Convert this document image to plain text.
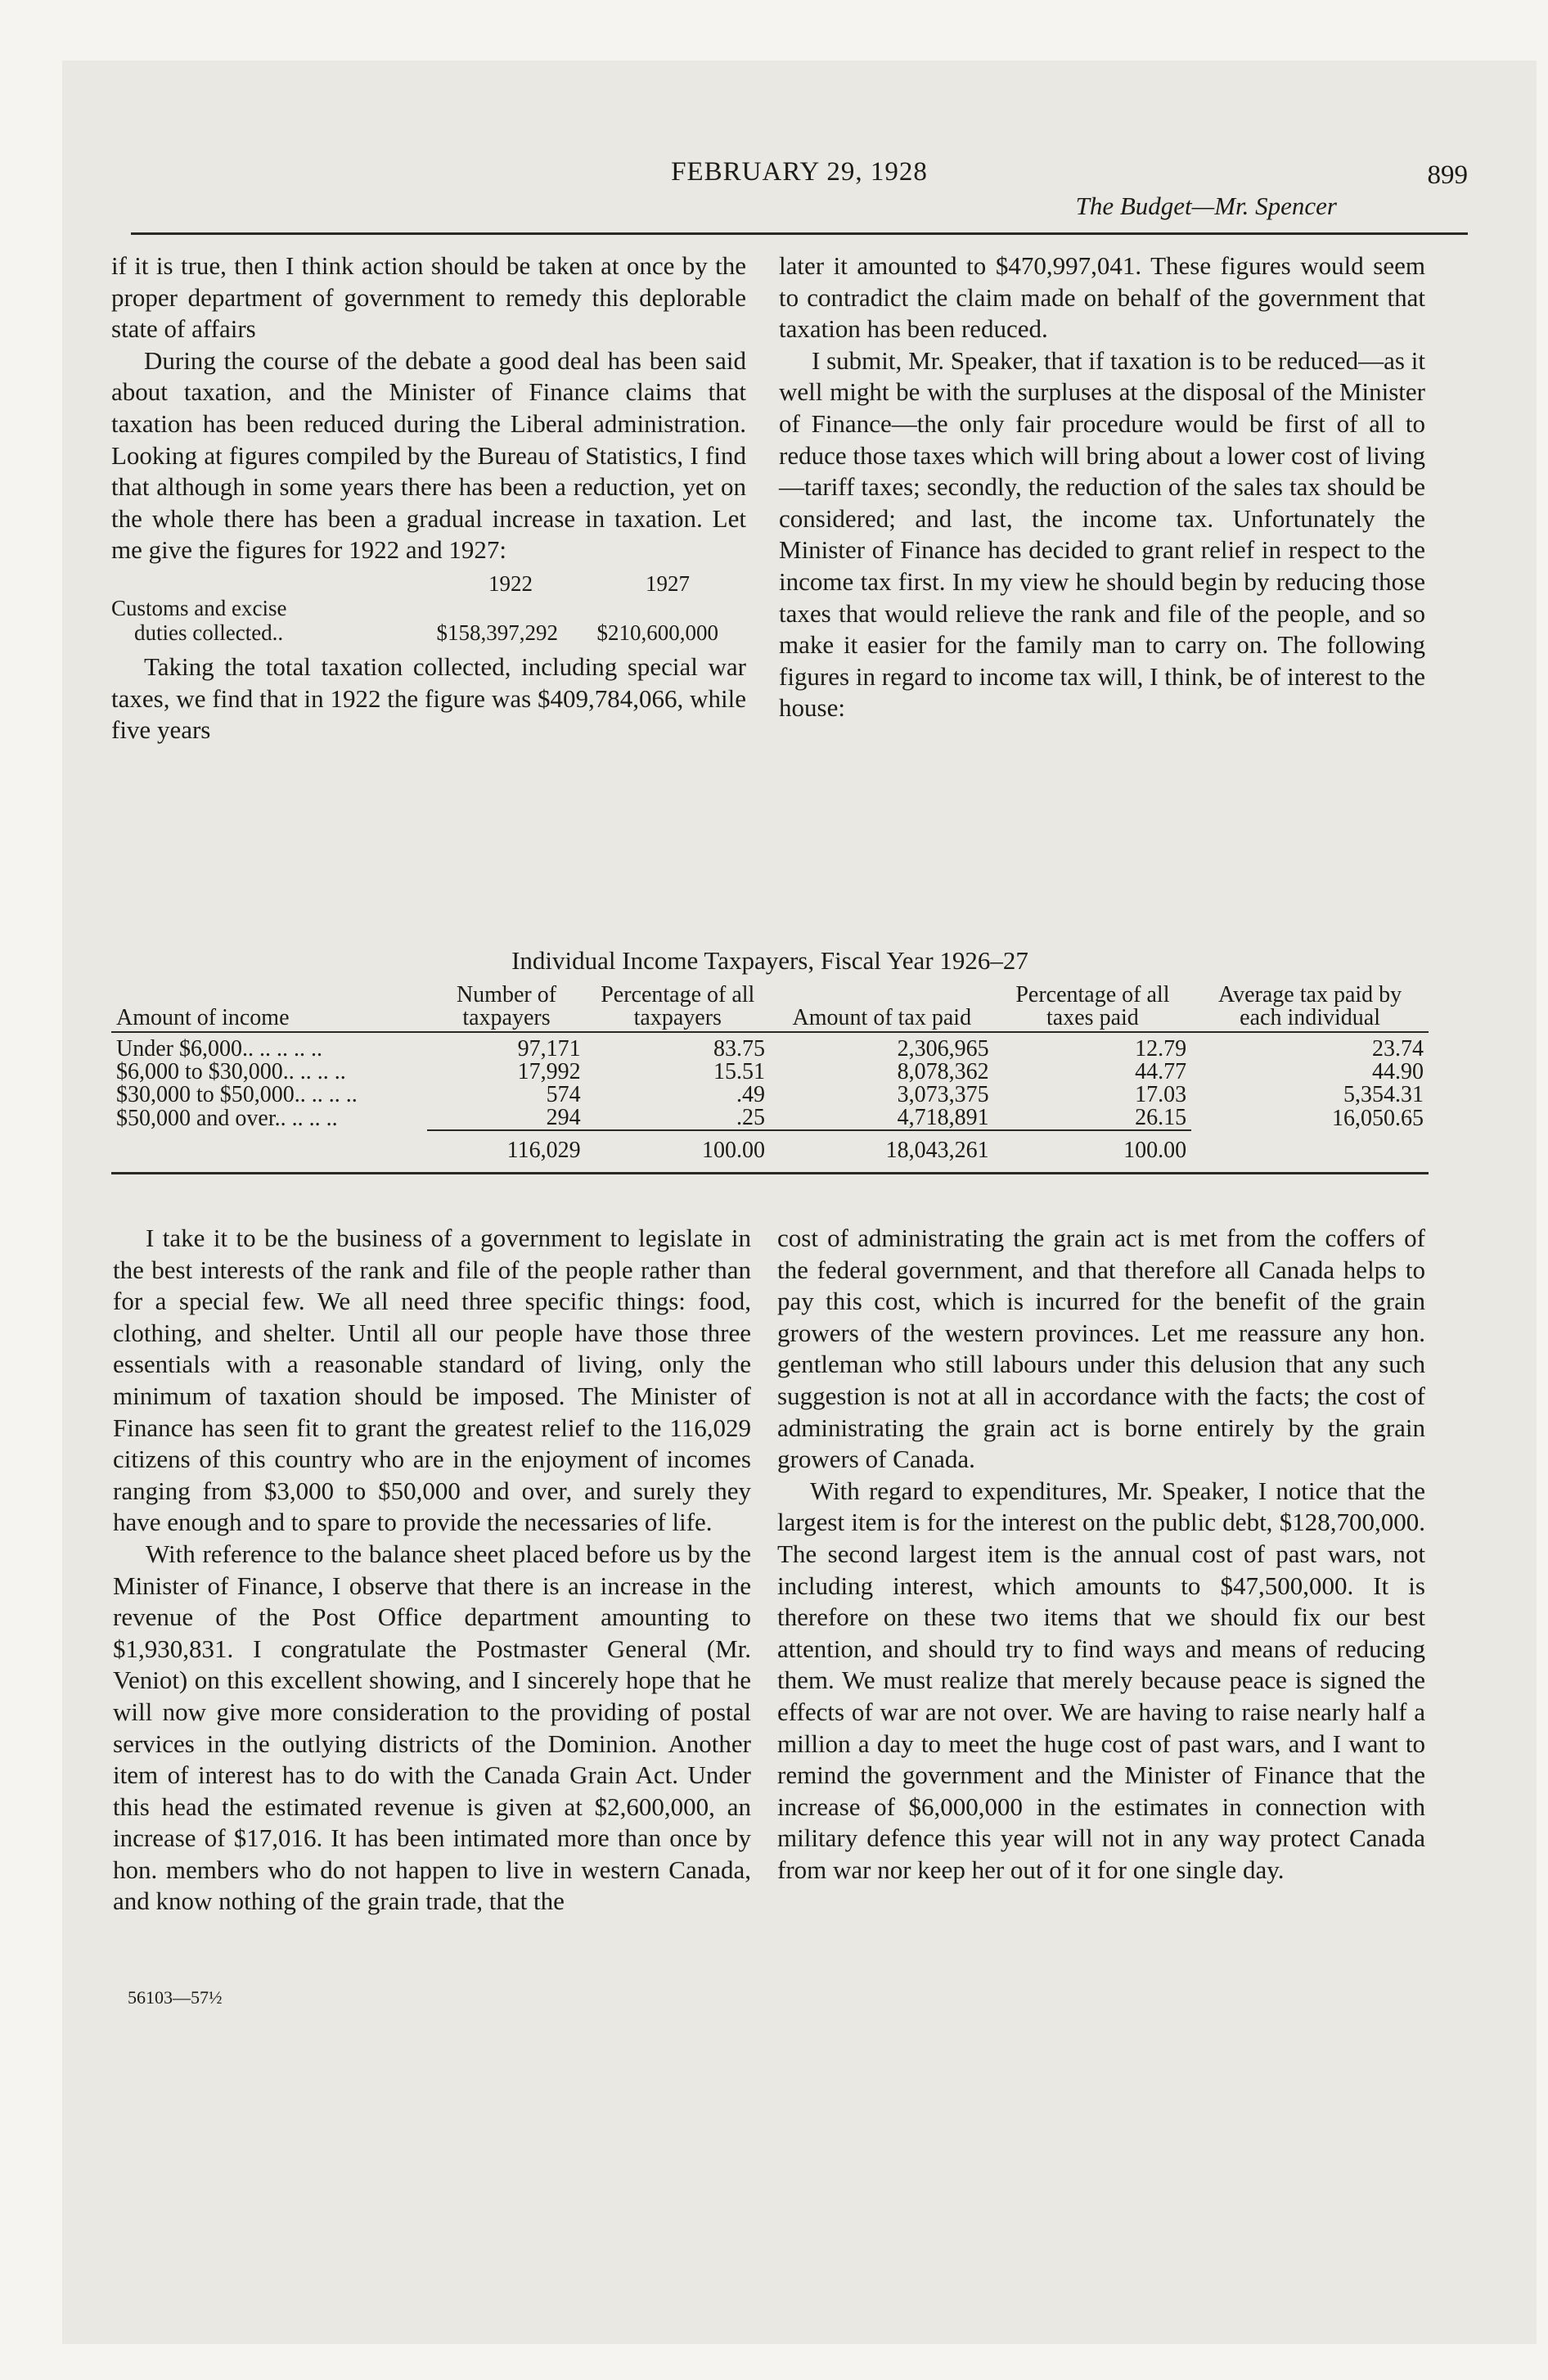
FEBRUARY 29, 1928	899
The Budget—Mr. Spencer

if it is true, then I think action should be taken at once by the proper department of government to remedy this deplorable state of affairs

During the course of the debate a good deal has been said about taxation, and the Minister of Finance claims that taxation has been reduced during the Liberal administration. Looking at figures compiled by the Bureau of Statistics, I find that although in some years there has been a reduction, yet on the whole there has been a gradual increase in taxation. Let me give the figures for 1922 and 1927:

1922	1927
Customs and excise
duties collected..	$158,397,292	$210,600,000

Taking the total taxation collected, including special war taxes, we find that in 1922 the figure was $409,784,066, while five years

later it amounted to $470,997,041. These figures would seem to contradict the claim made on behalf of the government that taxation has been reduced.

I submit, Mr. Speaker, that if taxation is to be reduced—as it well might be with the surpluses at the disposal of the Minister of Finance—the only fair procedure would be first of all to reduce those taxes which will bring about a lower cost of living—tariff taxes; secondly, the reduction of the sales tax should be considered; and last, the income tax. Unfortunately the Minister of Finance has decided to grant relief in respect to the income tax first. In my view he should begin by reducing those taxes that would relieve the rank and file of the people, and so make it easier for the family man to carry on. The following figures in regard to income tax will, I think, be of interest to the house:

Individual Income Taxpayers, Fiscal Year 1926–27
Amount of income	Number of taxpayers	Percentage of all taxpayers	Amount of tax paid	Percentage of all taxes paid	Average tax paid by each individual
Under $6,000.. .. .. .. ..	97,171	83.75	2,306,965	12.79	23.74
$6,000 to $30,000.. .. .. ..	17,992	15.51	8,078,362	44.77	44.90
$30,000 to $50,000.. .. .. ..	574	.49	3,073,375	17.03	5,354.31
$50,000 and over.. .. .. ..	294	.25	4,718,891	26.15	16,050.65
	116,029	100.00	18,043,261	100.00	

I take it to be the business of a government to legislate in the best interests of the rank and file of the people rather than for a special few. We all need three specific things: food, clothing, and shelter. Until all our people have those three essentials with a reasonable standard of living, only the minimum of taxation should be imposed. The Minister of Finance has seen fit to grant the greatest relief to the 116,029 citizens of this country who are in the enjoyment of incomes ranging from $3,000 to $50,000 and over, and surely they have enough and to spare to provide the necessaries of life.

With reference to the balance sheet placed before us by the Minister of Finance, I observe that there is an increase in the revenue of the Post Office department amounting to $1,930,831. I congratulate the Postmaster General (Mr. Veniot) on this excellent showing, and I sincerely hope that he will now give more consideration to the providing of postal services in the outlying districts of the Dominion. Another item of interest has to do with the Canada Grain Act. Under this head the estimated revenue is given at $2,600,000, an increase of $17,016. It has been intimated more than once by hon. members who do not happen to live in western Canada, and know nothing of the grain trade, that the

cost of administrating the grain act is met from the coffers of the federal government, and that therefore all Canada helps to pay this cost, which is incurred for the benefit of the grain growers of the western provinces. Let me reassure any hon. gentleman who still labours under this delusion that any such suggestion is not at all in accordance with the facts; the cost of administrating the grain act is borne entirely by the grain growers of Canada.

With regard to expenditures, Mr. Speaker, I notice that the largest item is for the interest on the public debt, $128,700,000. The second largest item is the annual cost of past wars, not including interest, which amounts to $47,500,000. It is therefore on these two items that we should fix our best attention, and should try to find ways and means of reducing them. We must realize that merely because peace is signed the effects of war are not over. We are having to raise nearly half a million a day to meet the huge cost of past wars, and I want to remind the government and the Minister of Finance that the increase of $6,000,000 in the estimates in connection with military defence this year will not in any way protect Canada from war nor keep her out of it for one single day.

56103—57½
